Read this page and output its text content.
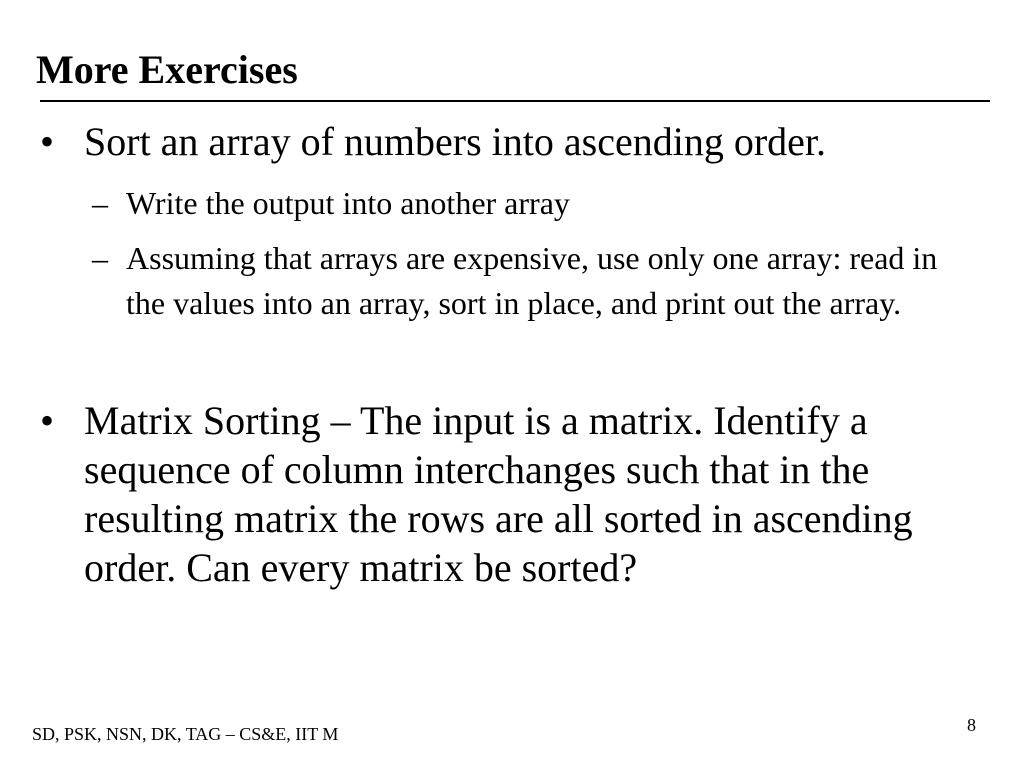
More Exercises
• Sort an array of numbers into ascending order.
– Write the output into another array
– Assuming that arrays are expensive, use only one array: read in the values into an array, sort in place, and print out the array.
• Matrix Sorting – The input is a matrix. Identify a sequence of column interchanges such that in the resulting matrix the rows are all sorted in ascending order. Can every matrix be sorted?
SD, PSK, NSN, DK, TAG – CS&E, IIT M	8
